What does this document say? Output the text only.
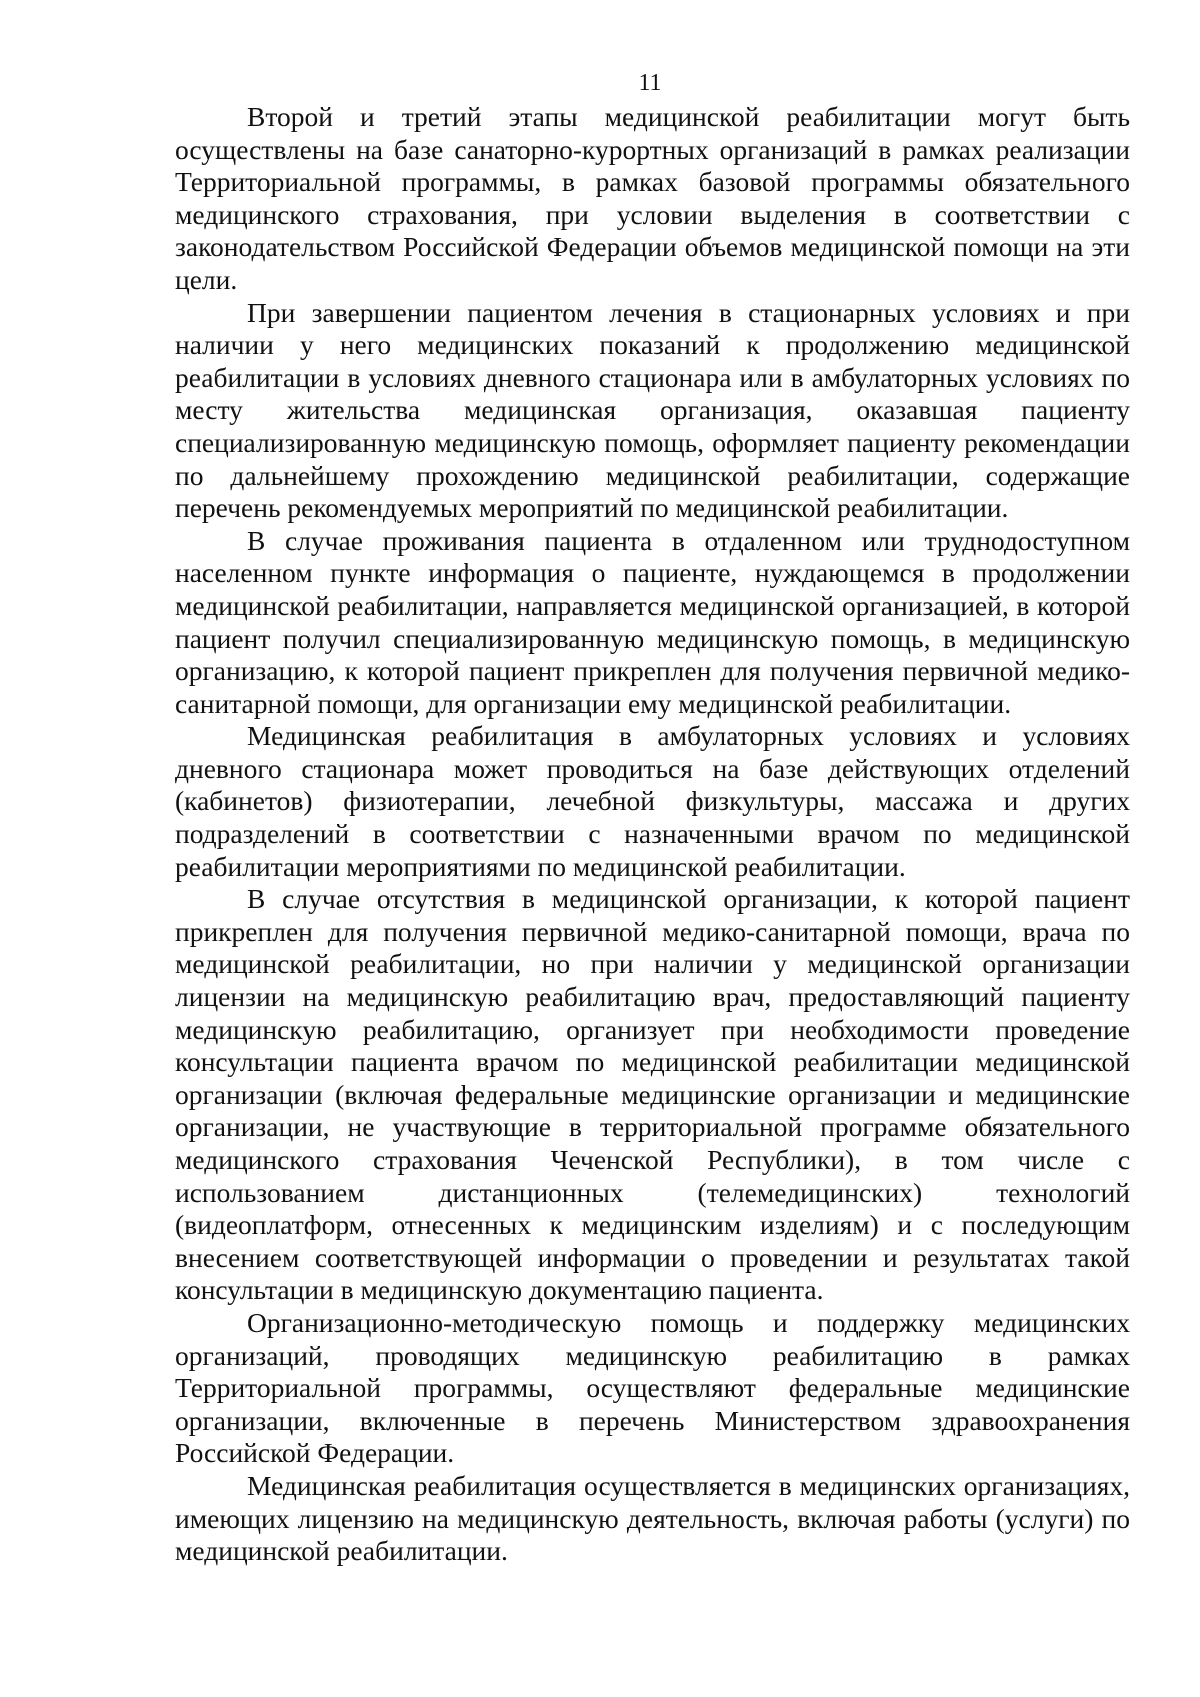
11

Второй и третий этапы медицинской реабилитации могут быть осуществлены на базе санаторно-курортных организаций в рамках реализации Территориальной программы, в рамках базовой программы обязательного медицинского страхования, при условии выделения в соответствии с законодательством Российской Федерации объемов медицинской помощи на эти цели.

При завершении пациентом лечения в стационарных условиях и при наличии у него медицинских показаний к продолжению медицинской реабилитации в условиях дневного стационара или в амбулаторных условиях по месту жительства медицинская организация, оказавшая пациенту специализированную медицинскую помощь, оформляет пациенту рекомендации по дальнейшему прохождению медицинской реабилитации, содержащие перечень рекомендуемых мероприятий по медицинской реабилитации.

В случае проживания пациента в отдаленном или труднодоступном населенном пункте информация о пациенте, нуждающемся в продолжении медицинской реабилитации, направляется медицинской организацией, в которой пациент получил специализированную медицинскую помощь, в медицинскую организацию, к которой пациент прикреплен для получения первичной медико-санитарной помощи, для организации ему медицинской реабилитации.

Медицинская реабилитация в амбулаторных условиях и условиях дневного стационара может проводиться на базе действующих отделений (кабинетов) физиотерапии, лечебной физкультуры, массажа и других подразделений в соответствии с назначенными врачом по медицинской реабилитации мероприятиями по медицинской реабилитации.

В случае отсутствия в медицинской организации, к которой пациент прикреплен для получения первичной медико-санитарной помощи, врача по медицинской реабилитации, но при наличии у медицинской организации лицензии на медицинскую реабилитацию врач, предоставляющий пациенту медицинскую реабилитацию, организует при необходимости проведение консультации пациента врачом по медицинской реабилитации медицинской организации (включая федеральные медицинские организации и медицинские организации, не участвующие в территориальной программе обязательного медицинского страхования Чеченской Республики), в том числе с использованием дистанционных (телемедицинских) технологий (видеоплатформ, отнесенных к медицинским изделиям) и с последующим внесением соответствующей информации о проведении и результатах такой консультации в медицинскую документацию пациента.

Организационно-методическую помощь и поддержку медицинских организаций, проводящих медицинскую реабилитацию в рамках Территориальной программы, осуществляют федеральные медицинские организации, включенные в перечень Министерством здравоохранения Российской Федерации.

Медицинская реабилитация осуществляется в медицинских организациях, имеющих лицензию на медицинскую деятельность, включая работы (услуги) по медицинской реабилитации.
